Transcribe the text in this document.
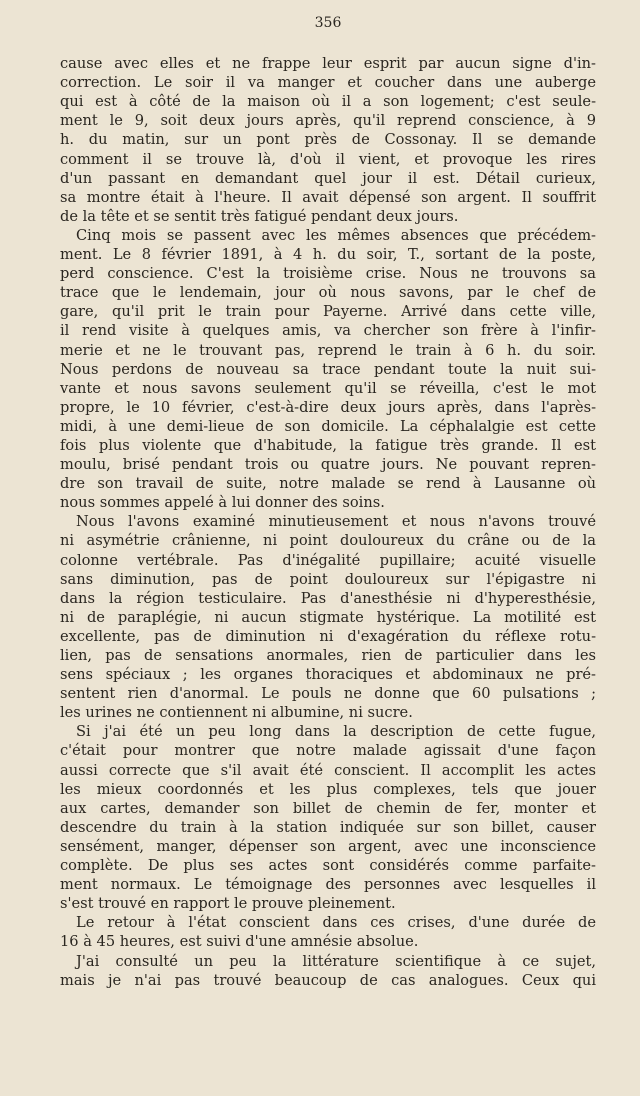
356

cause avec elles et ne frappe leur esprit par aucun signe d'in-

correction. Le soir il va manger et coucher dans une auberge

qui est à côté de la maison où il a son logement; c'est seule-

ment le 9, soit deux jours après, qu'il reprend conscience, à 9

h. du matin, sur un pont près de Cossonay. Il se demande

comment il se trouve là, d'où il vient, et provoque les rires

d'un passant en demandant quel jour il est. Détail curieux,

sa montre était à l'heure. Il avait dépensé son argent. Il souffrit

de la tête et se sentit très fatigué pendant deux jours.

Cinq mois se passent avec les mêmes absences que précédem-

ment. Le 8 février 1891, à 4 h. du soir, T., sortant de la poste,

perd conscience. C'est la troisième crise. Nous ne trouvons sa

trace que le lendemain, jour où nous savons, par le chef de

gare, qu'il prit le train pour Payerne. Arrivé dans cette ville,

il rend visite à quelques amis, va chercher son frère à l'infir-

merie et ne le trouvant pas, reprend le train à 6 h. du soir.

Nous perdons de nouveau sa trace pendant toute la nuit sui-

vante et nous savons seulement qu'il se réveilla, c'est le mot

propre, le 10 février, c'est-à-dire deux jours après, dans l'après-

midi, à une demi-lieue de son domicile. La céphalalgie est cette

fois plus violente que d'habitude, la fatigue très grande. Il est

moulu, brisé pendant trois ou quatre jours. Ne pouvant repren-

dre son travail de suite, notre malade se rend à Lausanne où

nous sommes appelé à lui donner des soins.

Nous l'avons examiné minutieusement et nous n'avons trouvé

ni asymétrie crânienne, ni point douloureux du crâne ou de la

colonne vertébrale. Pas d'inégalité pupillaire; acuité visuelle

sans diminution, pas de point douloureux sur l'épigastre ni

dans la région testiculaire. Pas d'anesthésie ni d'hyperesthésie,

ni de paraplégie, ni aucun stigmate hystérique. La motilité est

excellente, pas de diminution ni d'exagération du réflexe rotu-

lien, pas de sensations anormales, rien de particulier dans les

sens spéciaux ; les organes thoraciques et abdominaux ne pré-

sentent rien d'anormal. Le pouls ne donne que 60 pulsations ;

les urines ne contiennent ni albumine, ni sucre.

Si j'ai été un peu long dans la description de cette fugue,

c'était pour montrer que notre malade agissait d'une façon

aussi correcte que s'il avait été conscient. Il accomplit les actes

les mieux coordonnés et les plus complexes, tels que jouer

aux cartes, demander son billet de chemin de fer, monter et

descendre du train à la station indiquée sur son billet, causer

sensément, manger, dépenser son argent, avec une inconscience

complète. De plus ses actes sont considérés comme parfaite-

ment normaux. Le témoignage des personnes avec lesquelles il

s'est trouvé en rapport le prouve pleinement.

Le retour à l'état conscient dans ces crises, d'une durée de

16 à 45 heures, est suivi d'une amnésie absolue.

J'ai consulté un peu la littérature scientifique à ce sujet,

mais je n'ai pas trouvé beaucoup de cas analogues. Ceux qui
